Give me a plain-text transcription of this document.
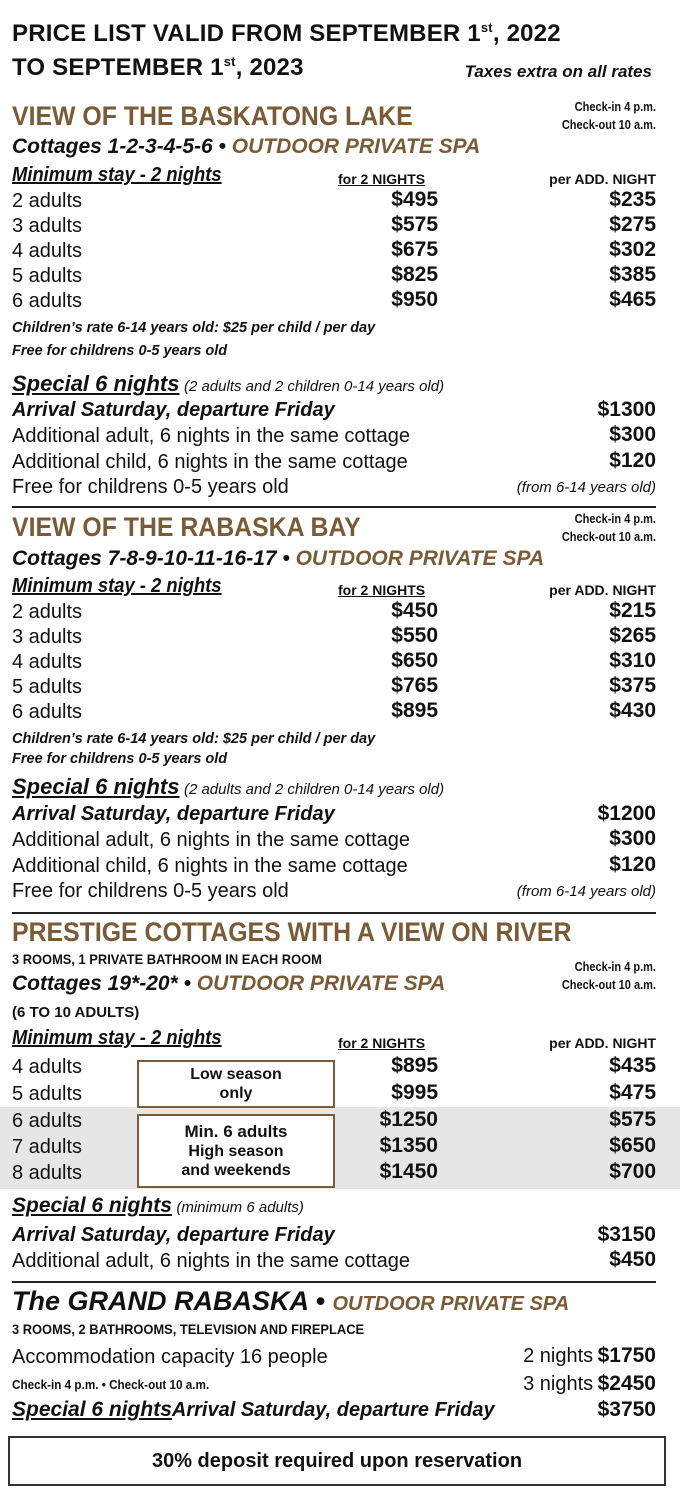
PRICE LIST VALID FROM SEPTEMBER 1st, 2022
TO SEPTEMBER 1st, 2023	Taxes extra on all rates
VIEW OF THE BASKATONG LAKE	Check-in 4 p.m.
Check-out 10 a.m.
Cottages 1-2-3-4-5-6 • OUTDOOR PRIVATE SPA
Minimum stay - 2 nights	for 2 NIGHTS	per ADD. NIGHT
2 adults	$495	$235
3 adults	$575	$275
4 adults	$675	$302
5 adults	$825	$385
6 adults	$950	$465
Children’s rate 6-14 years old: $25 per child / per day
Free for childrens 0-5 years old
Special 6 nights (2 adults and 2 children 0-14 years old)
Arrival Saturday, departure Friday	$1300
Additional adult, 6 nights in the same cottage	$300
Additional child, 6 nights in the same cottage	$120
Free for childrens 0-5 years old	(from 6-14 years old)
VIEW OF THE RABASKA BAY	Check-in 4 p.m.
Check-out 10 a.m.
Cottages 7-8-9-10-11-16-17 • OUTDOOR PRIVATE SPA
Minimum stay - 2 nights	for 2 NIGHTS	per ADD. NIGHT
2 adults	$450	$215
3 adults	$550	$265
4 adults	$650	$310
5 adults	$765	$375
6 adults	$895	$430
Children’s rate 6-14 years old: $25 per child / per day
Free for childrens 0-5 years old
Special 6 nights (2 adults and 2 children 0-14 years old)
Arrival Saturday, departure Friday	$1200
Additional adult, 6 nights in the same cottage	$300
Additional child, 6 nights in the same cottage	$120
Free for childrens 0-5 years old	(from 6-14 years old)
PRESTIGE COTTAGES WITH A VIEW ON RIVER
3 ROOMS, 1 PRIVATE BATHROOM IN EACH ROOM	Check-in 4 p.m.
Check-out 10 a.m.
Cottages 19*-20* • OUTDOOR PRIVATE SPA
(6 TO 10 ADULTS)
Minimum stay - 2 nights	for 2 NIGHTS	per ADD. NIGHT
4 adults	$895	$435
5 adults	$995	$475
6 adults	$1250	$575
7 adults	$1350	$650
8 adults	$1450	$700
Low season only
Min. 6 adults
High season
and weekends
Special 6 nights (minimum 6 adults)
Arrival Saturday, departure Friday	$3150
Additional adult, 6 nights in the same cottage	$450
The GRAND RABASKA • OUTDOOR PRIVATE SPA
3 ROOMS, 2 BATHROOMS, TELEVISION AND FIREPLACE
Accommodation capacity 16 people	2 nights $1750
Check-in 4 p.m. • Check-out 10 a.m.	3 nights $2450
Special 6 nightsArrival Saturday, departure Friday	$3750
30% deposit required upon reservation
